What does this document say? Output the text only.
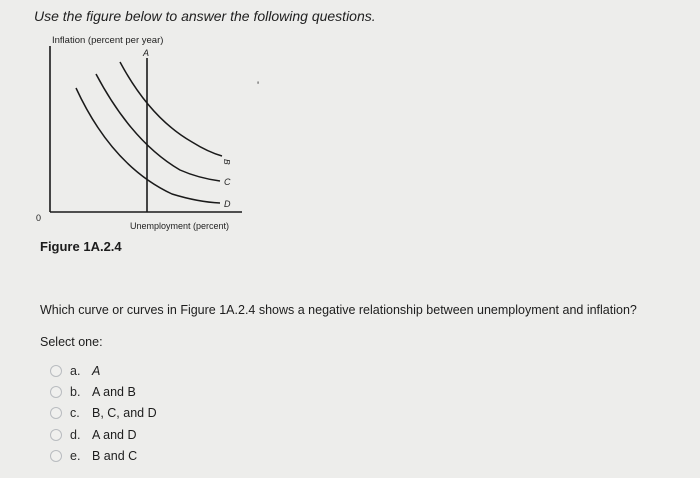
Use the figure below to answer the following questions.
Inflation (percent per year)
A
B
C
D
0
Unemployment (percent)
'
Figure 1A.2.4
Which curve or curves in Figure 1A.2.4 shows a negative relationship between unemployment and inflation?
Select one:
a. A
b. A and B
c. B, C, and D
d. A and D
e. B and C
